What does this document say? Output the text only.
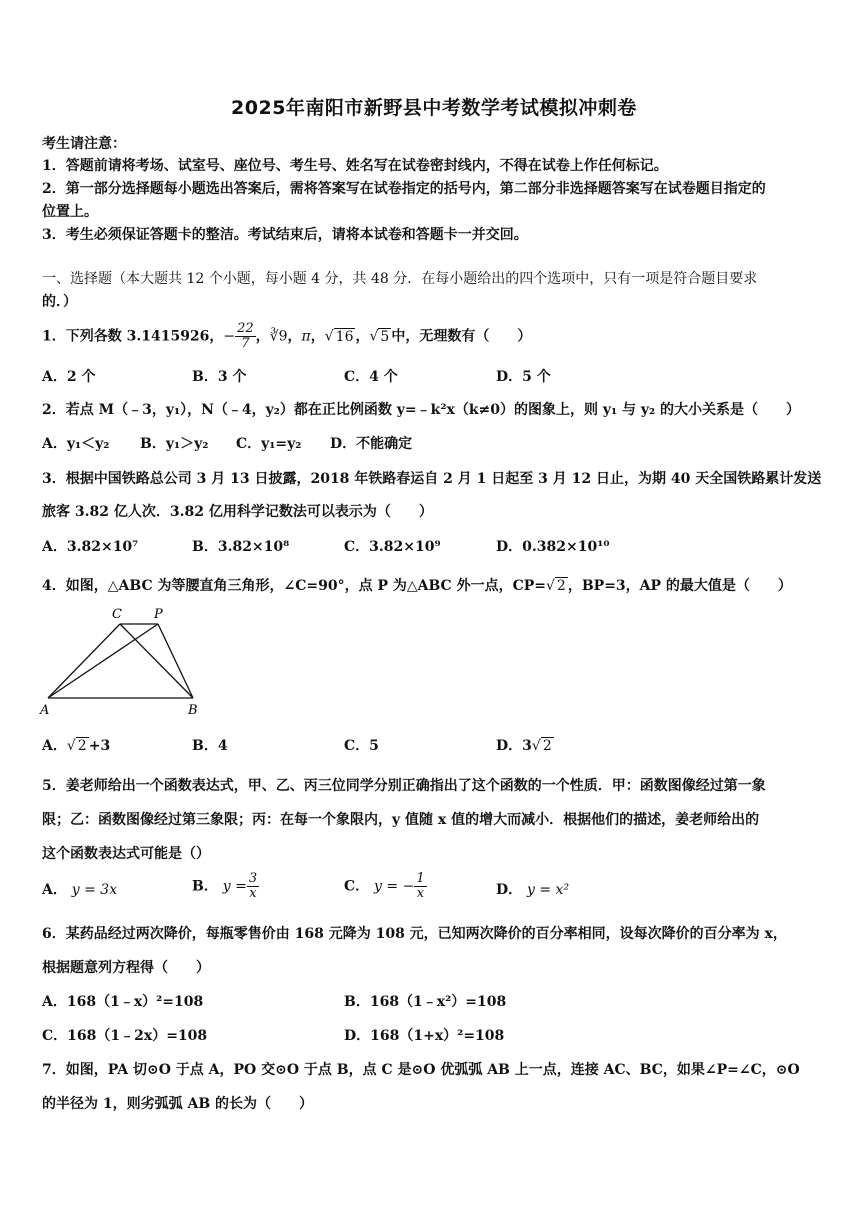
2025年南阳市新野县中考数学考试模拟冲刺卷
考生请注意：
1．答题前请将考场、试室号、座位号、考生号、姓名写在试卷密封线内，不得在试卷上作任何标记。
2．第一部分选择题每小题选出答案后，需将答案写在试卷指定的括号内，第二部分非选择题答案写在试卷题目指定的
位置上。
3．考生必须保证答题卡的整洁。考试结束后，请将本试卷和答题卡一并交回。
一、选择题（本大题共 12 个小题，每小题 4 分，共 48 分．在每小题给出的四个选项中，只有一项是符合题目要求
的．）
1．下列各数 3.1415926，− $\frac{22}{7}$ ，∛9，π，√ 16 ，√ 5 中，无理数有（　　）
A．2 个	B．3 个	C．4 个	D．5 个
2．若点 M（﹣3，y₁），N（﹣4，y₂）都在正比例函数 y=﹣k²x（k≠0）的图象上，则 y₁ 与 y₂ 的大小关系是（　　）
A．y₁＜y₂ B．y₁＞y₂ C．y₁=y₂ D．不能确定
3．根据中国铁路总公司 3 月 13 日披露，2018 年铁路春运自 2 月 1 日起至 3 月 12 日止，为期 40 天全国铁路累计发送
旅客 3.82 亿人次．3.82 亿用科学记数法可以表示为（　　）
A．3.82×10⁷	B．3.82×10⁸	C．3.82×10⁹	D．0.382×10¹⁰
4．如图，△ABC 为等腰直角三角形，∠C=90°，点 P 为△ABC 外一点，CP=√ 2 ，BP=3，AP 的最大值是（　　）
C P
A	B
A．√ 2 +3	B．4	C．5	D．3√ 2
5．姜老师给出一个函数表达式，甲、乙、丙三位同学分别正确指出了这个函数的一个性质．甲：函数图像经过第一象
限；乙：函数图像经过第三象限；丙：在每一个象限内，y 值随 x 值的增大而减小．根据他们的描述，姜老师给出的
这个函数表达式可能是（）
A． y = 3x	B． $y = \frac{3}{x}$	C． y = − $\frac{1}{x}$	D． y = x²
6．某药品经过两次降价，每瓶零售价由 168 元降为 108 元，已知两次降价的百分率相同，设每次降价的百分率为 x，
根据题意列方程得（　　）
A．168（1﹣x）²=108	B．168（1﹣x²）=108
C．168（1﹣2x）=108	D．168（1+x）²=108
7．如图，PA 切⊙O 于点 A，PO 交⊙O 于点 B，点 C 是⊙O 优弧弧 AB 上一点，连接 AC、BC，如果∠P=∠C，⊙O
的半径为 1，则劣弧弧 AB 的长为（　　）
